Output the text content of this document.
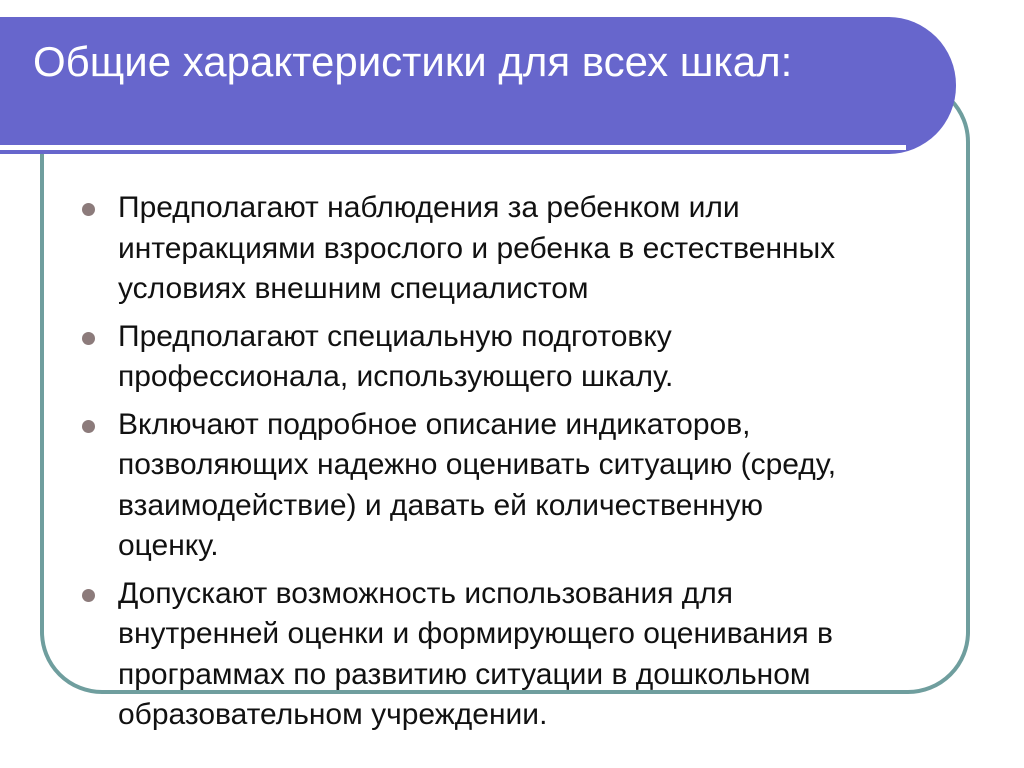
Общие характеристики для всех шкал:
Предполагают наблюдения за ребенком или
интеракциями взрослого и ребенка в естественных
условиях внешним специалистом
Предполагают специальную подготовку
профессионала, использующего шкалу.
Включают подробное описание индикаторов,
позволяющих надежно оценивать ситуацию (среду,
взаимодействие) и давать ей количественную
оценку.
Допускают возможность использования для
внутренней оценки и формирующего оценивания в
программах по развитию ситуации в дошкольном
образовательном учреждении.
